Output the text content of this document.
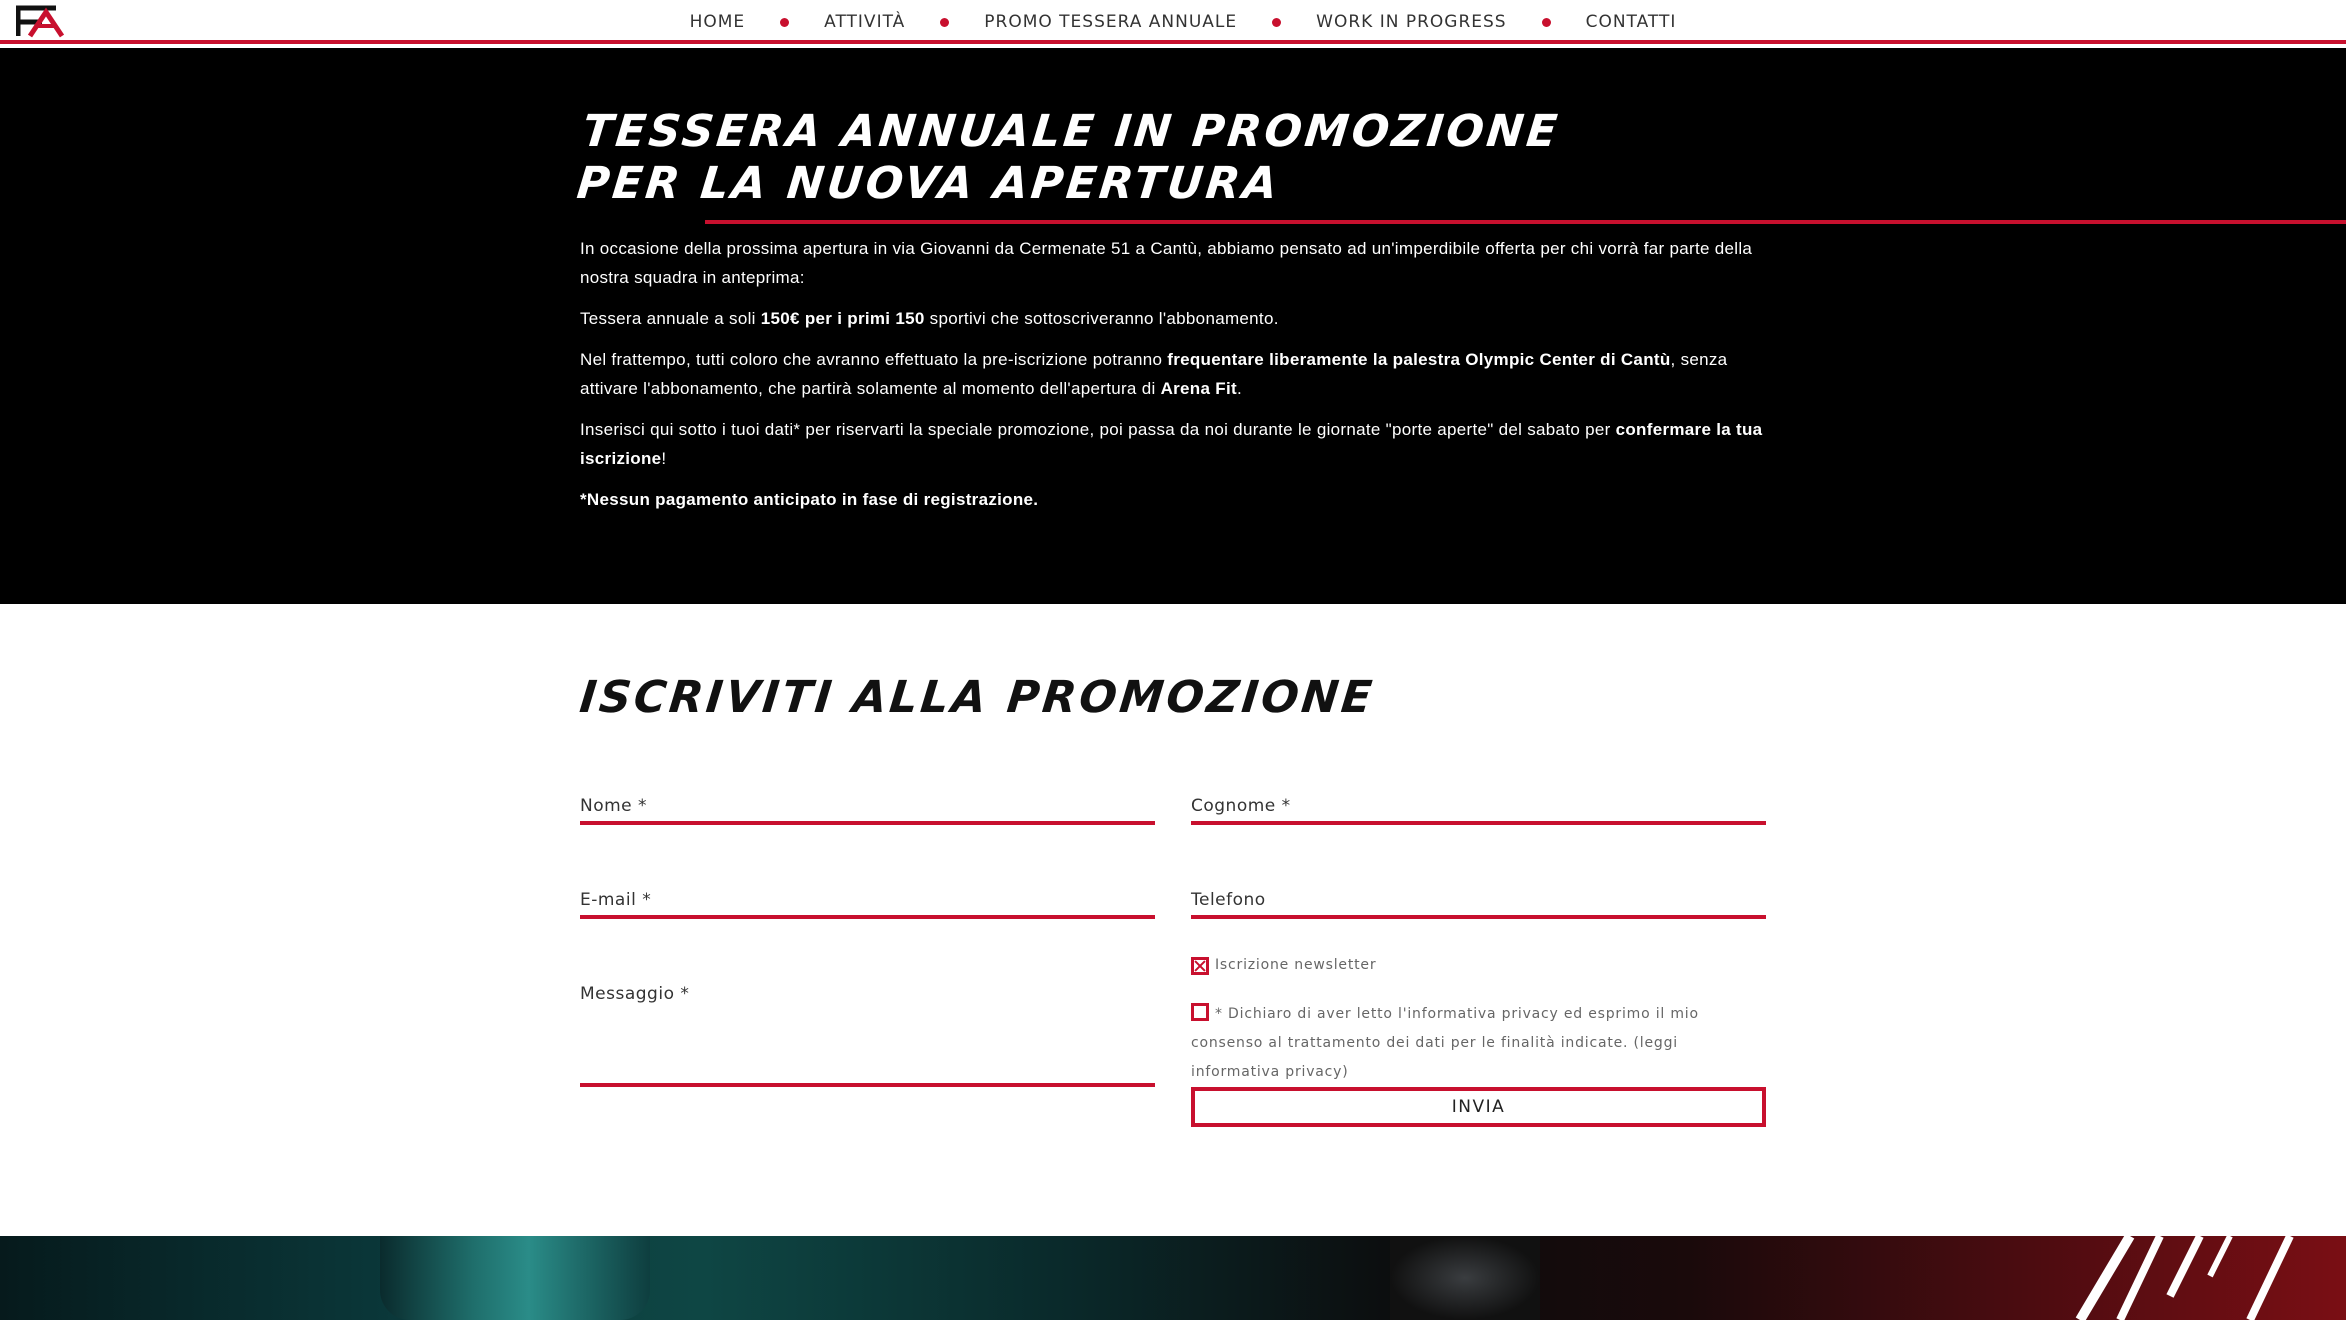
HOME	ATTIVITÀ	PROMO TESSERA ANNUALE	WORK IN PROGRESS	CONTATTI
TESSERA ANNUALE IN PROMOZIONE
PER LA NUOVA APERTURA

In occasione della prossima apertura in via Giovanni da Cermenate 51 a Cantù, abbiamo pensato ad un'imperdibile offerta per chi vorrà far parte della nostra squadra in anteprima:

Tessera annuale a soli 150€ per i primi 150 sportivi che sottoscriveranno l'abbonamento.

Nel frattempo, tutti coloro che avranno effettuato la pre-iscrizione potranno frequentare liberamente la palestra Olympic Center di Cantù, senza attivare l'abbonamento, che partirà solamente al momento dell'apertura di Arena Fit.

Inserisci qui sotto i tuoi dati* per riservarti la speciale promozione, poi passa da noi durante le giornate "porte aperte" del sabato per confermare la tua iscrizione!

*Nessun pagamento anticipato in fase di registrazione.

ISCRIVITI ALLA PROMOZIONE
Nome *	Cognome *
E-mail *	Telefono
Messaggio *
Iscrizione newsletter
* Dichiaro di aver letto l'informativa privacy ed esprimo il mio consenso al trattamento dei dati per le finalità indicate. (leggi informativa privacy)
INVIA
